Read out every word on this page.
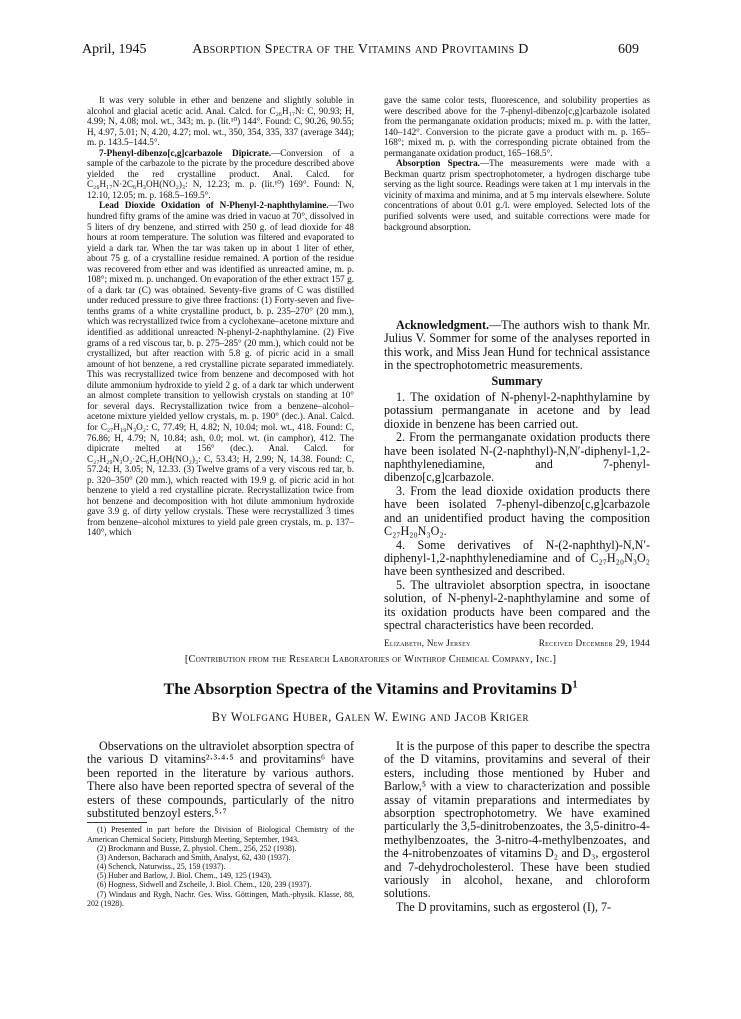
April, 1945	Absorption Spectra of the Vitamins and Provitamins D	609

It was very soluble in ether and benzene and slightly soluble in alcohol and glacial acetic acid. Anal. Calcd. for C₂₆H₁₇N: C, 90.93; H, 4.99; N, 4.08; mol. wt., 343; m. p. (lit.¹⁰) 144°. Found: C, 90.26, 90.55; H, 4.97, 5.01; N, 4.20, 4.27; mol. wt., 350, 354, 335, 337 (average 344); m. p. 143.5–144.5°.

7-Phenyl-dibenzo[c,g]carbazole Dipicrate.—Conversion of a sample of the carbazole to the picrate by the procedure described above yielded the red crystalline product. Anal. Calcd. for C₂₆H₁₇N·2C₆H₃OH(NO₂)₃: N, 12.23; m. p. (lit.¹⁰) 169°. Found: N, 12.10, 12.05; m. p. 168.5–169.5°.

Lead Dioxide Oxidation of N-Phenyl-2-naphthylamine.—Two hundred fifty grams of the amine was dried in vacuo at 70°, dissolved in 5 liters of dry benzene, and stirred with 250 g. of lead dioxide for 48 hours at room temperature. The solution was filtered and evaporated to yield a dark tar. When the tar was taken up in about 1 liter of ether, about 75 g. of a crystalline residue remained. A portion of the residue was recovered from ether and was identified as unreacted amine, m. p. 108°; mixed m. p. unchanged. On evaporation of the ether extract 157 g. of a dark tar (C) was obtained. Seventy-five grams of C was distilled under reduced pressure to give three fractions: (1) Forty-seven and five-tenths grams of a white crystalline product, b. p. 235–270° (20 mm.), which was recrystallized twice from a cyclohexane–acetone mixture and identified as additional unreacted N-phenyl-2-naphthylamine. (2) Five grams of a red viscous tar, b. p. 275–285° (20 mm.), which could not be crystallized, but after reaction with 5.8 g. of picric acid in a small amount of hot benzene, a red crystalline picrate separated immediately. This was recrystallized twice from benzene and decomposed with hot dilute ammonium hydroxide to yield 2 g. of a dark tar which underwent an almost complete transition to yellowish crystals on standing at 10° for several days. Recrystallization twice from a benzene–alcohol–acetone mixture yielded yellow crystals, m. p. 190° (dec.). Anal. Calcd. for C₂₇H₁₉N₃O₂: C, 77.49; H, 4.82; N, 10.04; mol. wt., 418. Found: C, 76.86; H, 4.79; N, 10.84; ash, 0.0; mol. wt. (in camphor), 412. The dipicrate melted at 156° (dec.). Anal. Calcd. for C₂₇H₂₀N₃O₂·2C₆H₃OH(NO₂)₃: C, 53.43; H, 2.99; N, 14.38. Found: C, 57.24; H, 3.05; N, 12.33. (3) Twelve grams of a very viscous red tar, b. p. 320–350° (20 mm.), which reacted with 19.9 g. of picric acid in hot benzene to yield a red crystalline picrate. Recrystallization twice from hot benzene and decomposition with hot dilute ammonium hydroxide gave 3.9 g. of dirty yellow crystals. These were recrystallized 3 times from benzene–alcohol mixtures to yield pale green crystals, m. p. 137–140°, which

gave the same color tests, fluorescence, and solubility properties as were described above for the 7-phenyl-dibenzo[c,g]carbazole isolated from the permanganate oxidation products; mixed m. p. with the latter, 140–142°. Conversion to the picrate gave a product with m. p. 165–168°; mixed m. p. with the corresponding picrate obtained from the permanganate oxidation product, 165–168.5°.

Absorption Spectra.—The measurements were made with a Beckman quartz prism spectrophotometer, a hydrogen discharge tube serving as the light source. Readings were taken at 1 mμ intervals in the vicinity of maxima and minima, and at 5 mμ intervals elsewhere. Solute concentrations of about 0.01 g./l. were employed. Selected lots of the purified solvents were used, and suitable corrections were made for background absorption.

Acknowledgment.—The authors wish to thank Mr. Julius V. Sommer for some of the analyses reported in this work, and Miss Jean Hund for technical assistance in the spectrophotometric measurements.

Summary

1. The oxidation of N-phenyl-2-naphthylamine by potassium permanganate in acetone and by lead dioxide in benzene has been carried out.

2. From the permanganate oxidation products there have been isolated N-(2-naphthyl)-N,N′-diphenyl-1,2-naphthylenediamine, and 7-phenyl-dibenzo[c,g]carbazole.

3. From the lead dioxide oxidation products there have been isolated 7-phenyl-dibenzo[c,g]carbazole and an unidentified product having the composition C₂₇H₂₀N₃O₂.

4. Some derivatives of N-(2-naphthyl)-N,N′-diphenyl-1,2-naphthylenediamine and of C₂₇H₂₀N₃O₂ have been synthesized and described.

5. The ultraviolet absorption spectra, in isooctane solution, of N-phenyl-2-naphthylamine and some of its oxidation products have been compared and the spectral characteristics have been recorded.

Elizabeth, New Jersey	Received December 29, 1944
[Contribution from the Research Laboratories of Winthrop Chemical Company, Inc.]
The Absorption Spectra of the Vitamins and Provitamins $D^1$
By Wolfgang Huber, Galen W. Ewing and Jacob Kriger

Observations on the ultraviolet absorption spectra of the various D vitamins²·³·⁴·⁵ and provitamins⁶ have been reported in the literature by various authors. There also have been reported spectra of several of the esters of these compounds, particularly of the nitro substituted benzoyl esters.⁵·⁷

(1) Presented in part before the Division of Biological Chemistry of the American Chemical Society, Pittsburgh Meeting, September, 1943.

(2) Brockmann and Busse, Z. physiol. Chem., 256, 252 (1938).

(3) Anderson, Bacharach and Smith, Analyst, 62, 430 (1937).

(4) Schenck, Naturwiss., 25, 159 (1937).

(5) Huber and Barlow, J. Biol. Chem., 149, 125 (1943).

(6) Hogness, Sidwell and Zscheile, J. Biol. Chem., 120, 239 (1937).

(7) Windaus and Rygh, Nachr. Ges. Wiss. Göttingen, Math.-physik. Klasse, 88, 202 (1928).

It is the purpose of this paper to describe the spectra of the D vitamins, provitamins and several of their esters, including those mentioned by Huber and Barlow,⁵ with a view to characterization and possible assay of vitamin preparations and intermediates by absorption spectrophotometry. We have examined particularly the 3,5-dinitrobenzoates, the 3,5-dinitro-4-methylbenzoates, the 3-nitro-4-methylbenzoates, and the 4-nitrobenzoates of vitamins D₂ and D₃, ergosterol and 7-dehydrocholesterol. These have been studied variously in alcohol, hexane, and chloroform solutions.

The D provitamins, such as ergosterol (I), 7-
